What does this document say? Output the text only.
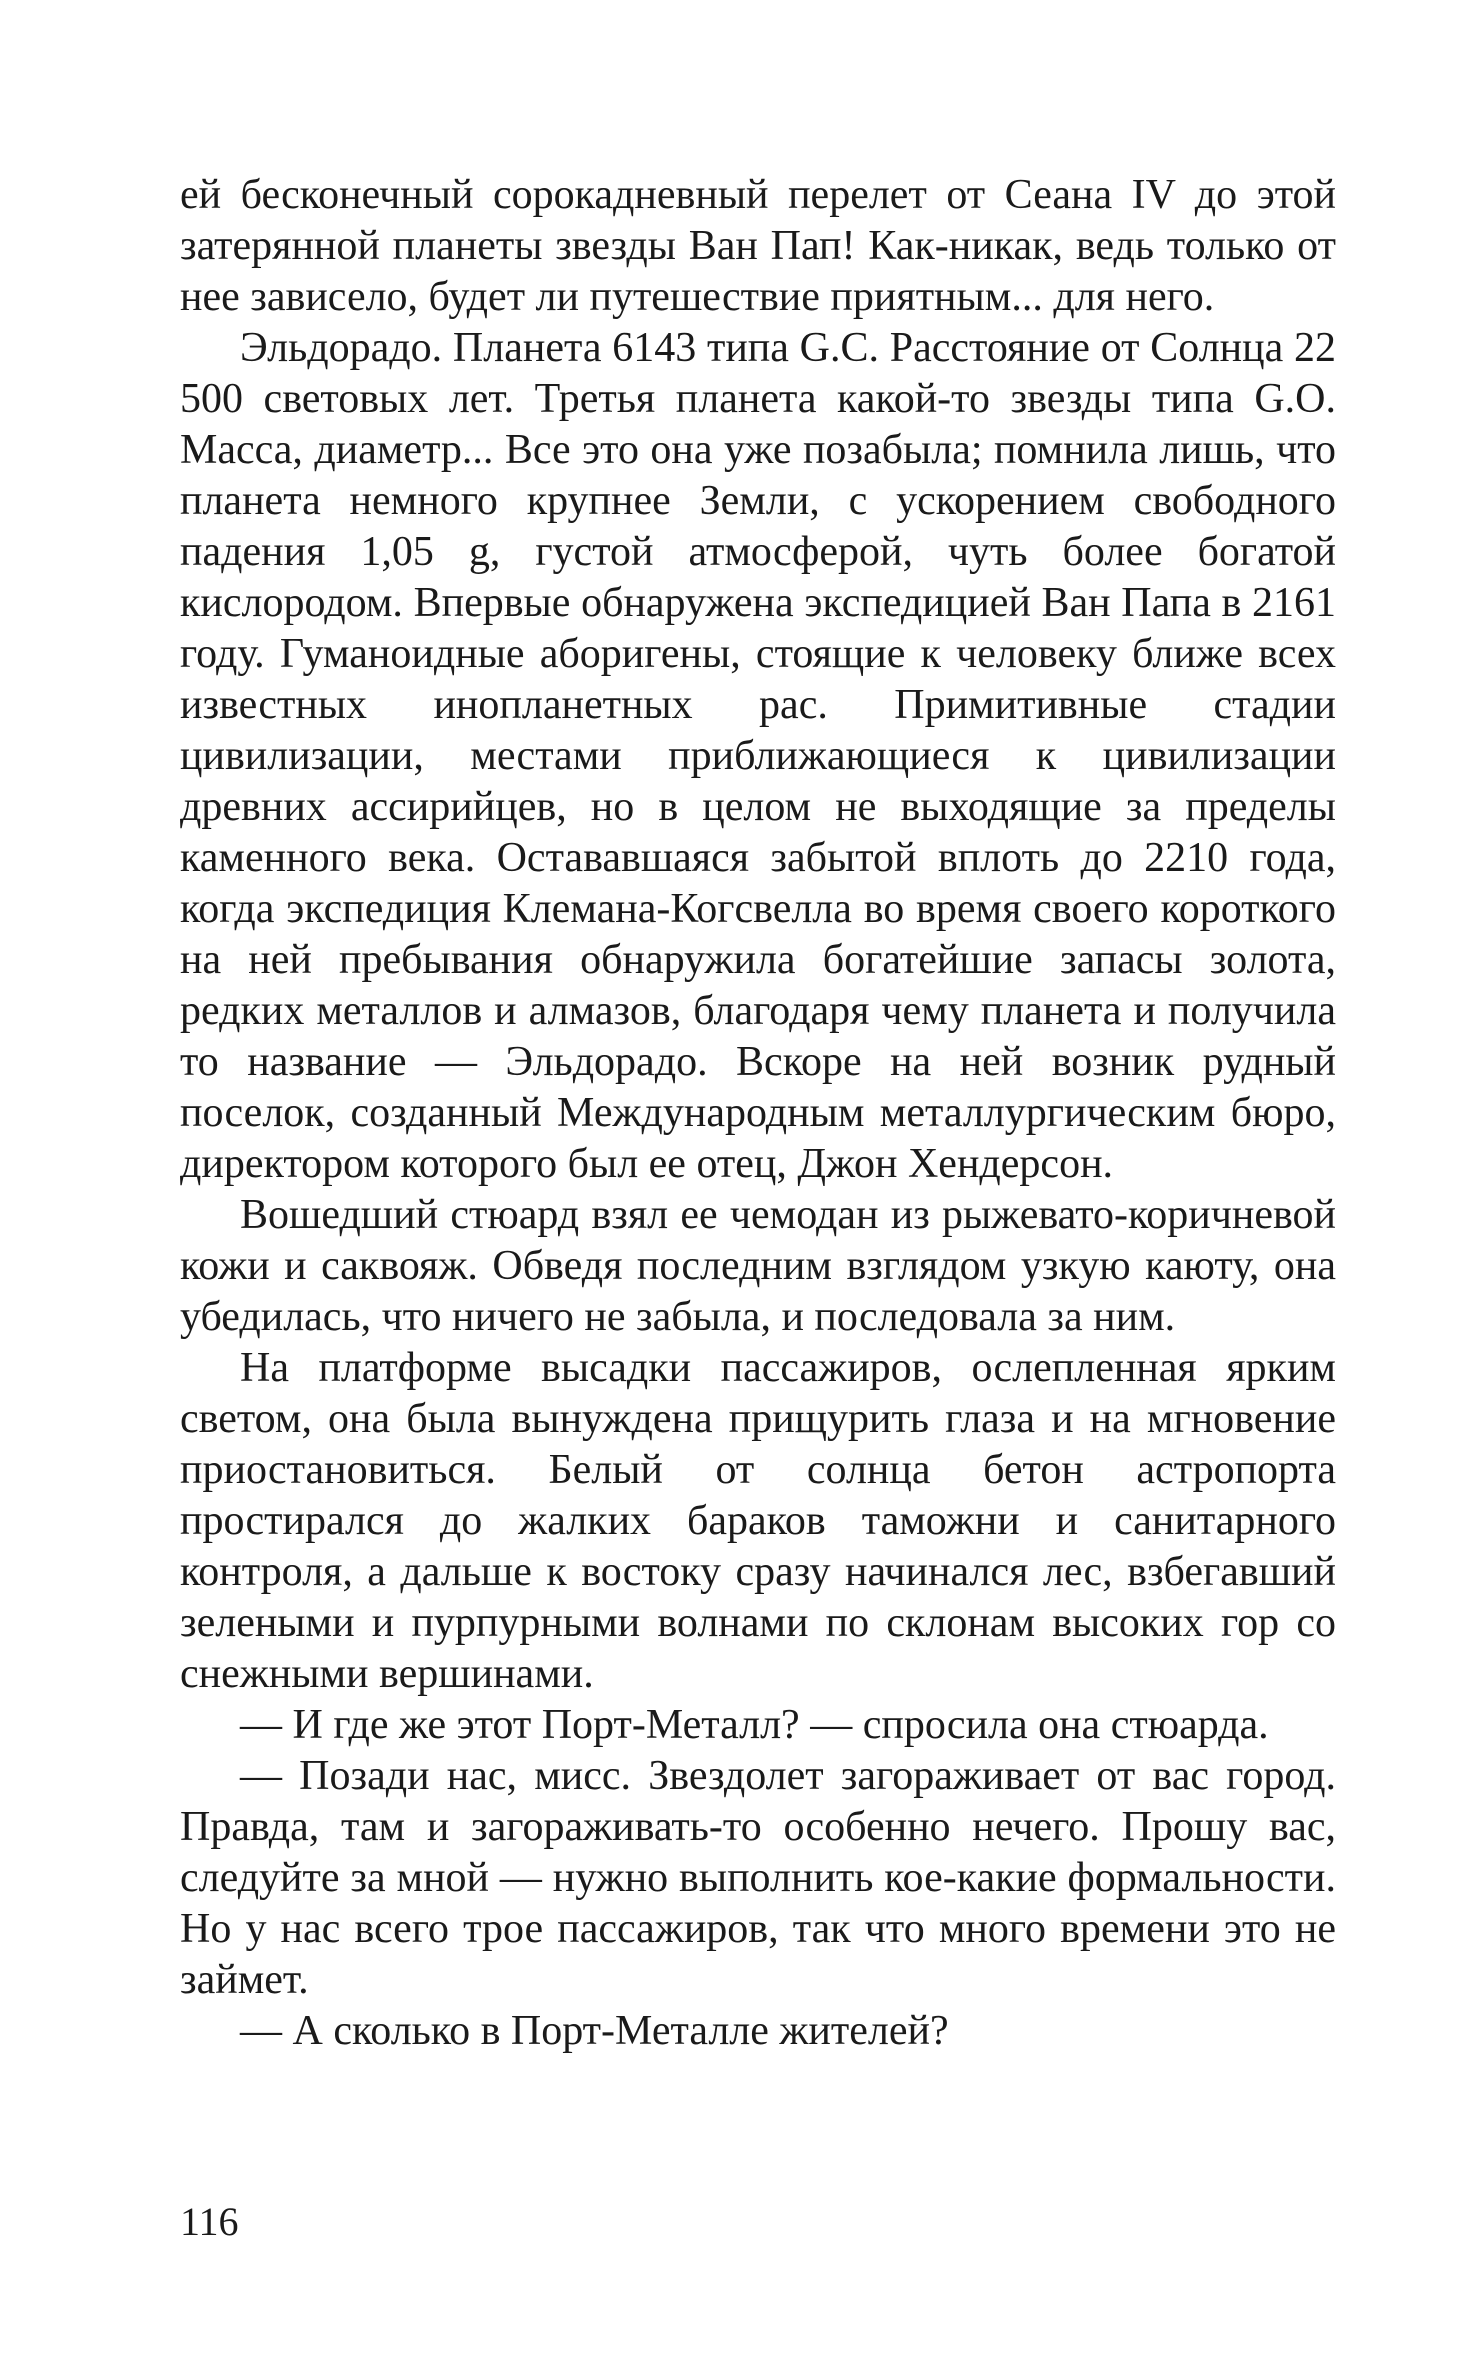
ей бесконечный сорокадневный перелет от Сеана IV до этой затерянной планеты звезды Ван Пап! Как-никак, ведь только от нее зависело, будет ли путешествие приятным... для него.

Эльдорадо. Планета 6143 типа G.C. Расстояние от Солнца 22 500 световых лет. Третья планета какой-то звезды типа G.O. Масса, диаметр... Все это она уже позабыла; помнила лишь, что планета немного крупнее Земли, с ускорением свободного падения 1,05 g, густой атмосферой, чуть более богатой кислородом. Впервые обнаружена экспедицией Ван Папа в 2161 году. Гуманоидные аборигены, стоящие к человеку ближе всех известных инопланетных рас. Примитивные стадии цивилизации, местами приближающиеся к цивилизации древних ассирийцев, но в целом не выходящие за пределы каменного века. Остававшаяся забытой вплоть до 2210 года, когда экспедиция Клемана-Когсвелла во время своего короткого на ней пребывания обнаружила богатейшие запасы золота, редких металлов и алмазов, благодаря чему планета и получила то название — Эльдорадо. Вскоре на ней возник рудный поселок, созданный Международным металлургическим бюро, директором которого был ее отец, Джон Хендерсон.

Вошедший стюард взял ее чемодан из рыжевато-коричневой кожи и саквояж. Обведя последним взглядом узкую каюту, она убедилась, что ничего не забыла, и последовала за ним.

На платформе высадки пассажиров, ослепленная ярким светом, она была вынуждена прищурить глаза и на мгновение приостановиться. Белый от солнца бетон астропорта простирался до жалких бараков таможни и санитарного контроля, а дальше к востоку сразу начинался лес, взбегавший зелеными и пурпурными волнами по склонам высоких гор со снежными вершинами.

— И где же этот Порт-Металл? — спросила она стюарда.

— Позади нас, мисс. Звездолет загораживает от вас город. Правда, там и загораживать-то особенно нечего. Прошу вас, следуйте за мной — нужно выполнить кое-какие формальности. Но у нас всего трое пассажиров, так что много времени это не займет.

— А сколько в Порт-Металле жителей?

116
